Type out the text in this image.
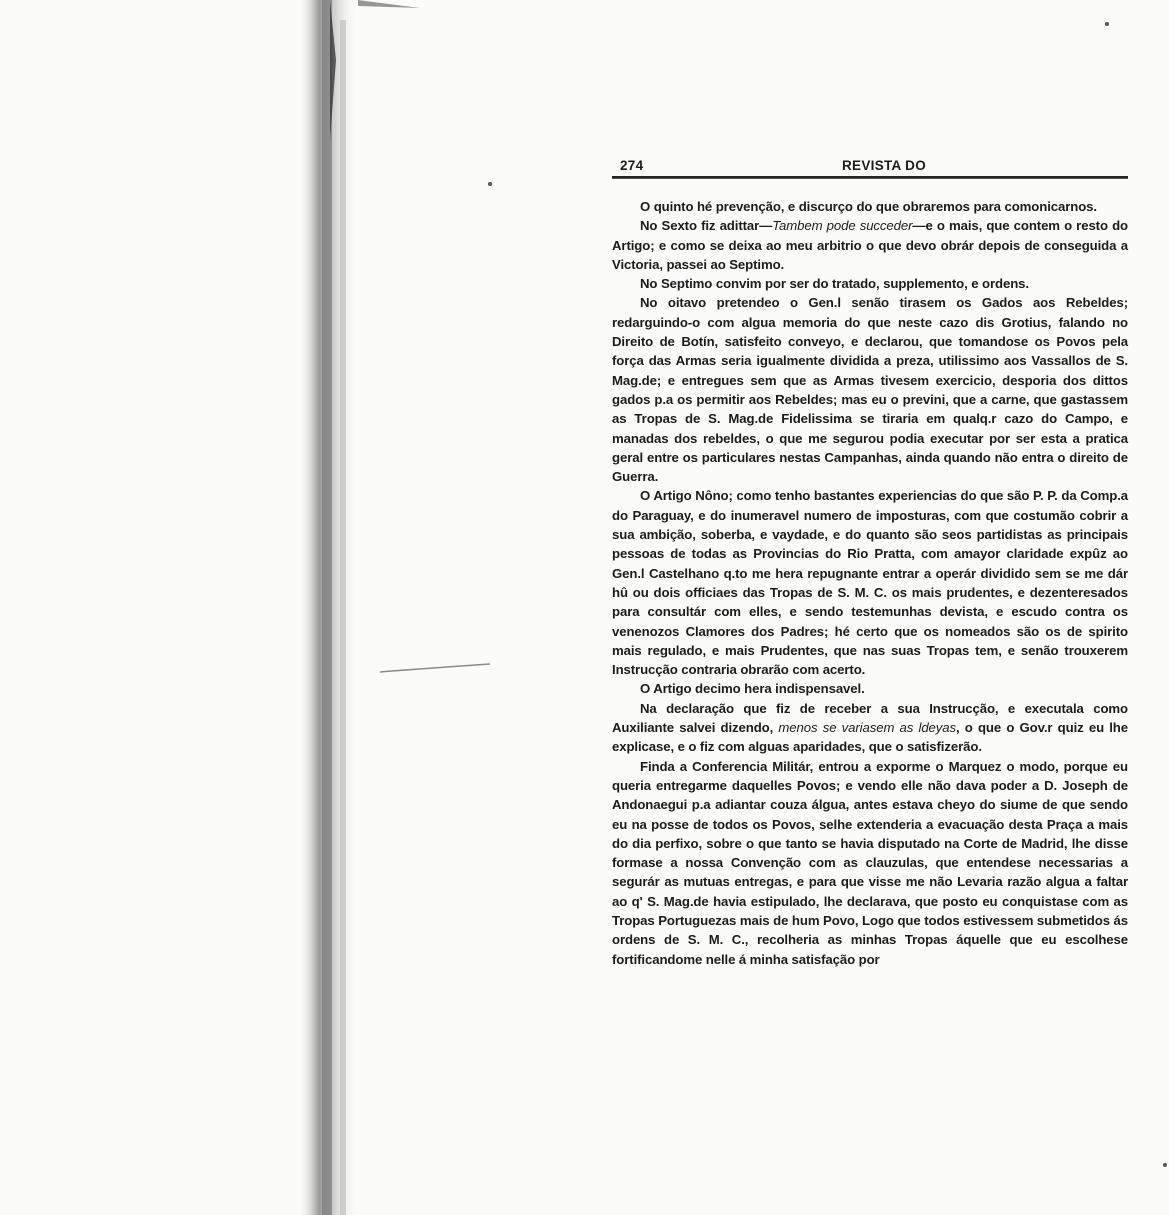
274	REVISTA DO

O quinto hé prevenção, e discurço do que obraremos para comonicarnos.

No Sexto fiz adittar—Tambem pode succeder—e o mais, que contem o resto do Artigo; e como se deixa ao meu arbitrio o que devo obrár depois de conseguida a Victoria, passei ao Septimo.

No Septimo convim por ser do tratado, supplemento, e ordens.

No oitavo pretendeo o Gen.l senão tirasem os Gados aos Rebeldes; redarguindo-o com algua memoria do que neste cazo dis Grotius, falando no Direito de Botín, satisfeito conveyo, e declarou, que tomandose os Povos pela força das Armas seria igualmente dividida a preza, utilissimo aos Vassallos de S. Mag.de; e entregues sem que as Armas tivesem exercicio, desporia dos dittos gados p.a os permitir aos Rebeldes; mas eu o previni, que a carne, que gastassem as Tropas de S. Mag.de Fidelissima se tiraria em qualq.r cazo do Campo, e manadas dos rebeldes, o que me segurou podia executar por ser esta a pratica geral entre os particulares nestas Campanhas, ainda quando não entra o direito de Guerra.

O Artigo Nôno; como tenho bastantes experiencias do que são P. P. da Comp.a do Paraguay, e do inumeravel numero de imposturas, com que costumão cobrir a sua ambição, soberba, e vaydade, e do quanto são seos partidistas as principais pessoas de todas as Provincias do Rio Pratta, com amayor claridade expûz ao Gen.l Castelhano q.to me hera repugnante entrar a operár dividido sem se me dár hû ou dois officiaes das Tropas de S. M. C. os mais prudentes, e dezenteresados para consultár com elles, e sendo testemunhas devista, e escudo contra os venenozos Clamores dos Padres; hé certo que os nomeados são os de spirito mais regulado, e mais Prudentes, que nas suas Tropas tem, e senão trouxerem Instrucção contraria obrarão com acerto.

O Artigo decimo hera indispensavel.

Na declaração que fiz de receber a sua Instrucção, e executala como Auxiliante salvei dizendo, menos se variasem as ldeyas, o que o Gov.r quiz eu lhe explicase, e o fiz com alguas aparidades, que o satisfizerão.

Finda a Conferencia Militár, entrou a exporme o Marquez o modo, porque eu queria entregarme daquelles Povos; e vendo elle não dava poder a D. Joseph de Andonaegui p.a adiantar couza álgua, antes estava cheyo do siume de que sendo eu na posse de todos os Povos, selhe extenderia a evacuação desta Praça a mais do dia perfixo, sobre o que tanto se havia disputado na Corte de Madrid, lhe disse formase a nossa Convenção com as clauzulas, que entendese necessarias a segurár as mutuas entregas, e para que visse me não Levaria razão algua a faltar ao q' S. Mag.de havia estipulado, lhe declarava, que posto eu conquistase com as Tropas Portuguezas mais de hum Povo, Logo que todos estivessem submetidos ás ordens de S. M. C., recolheria as minhas Tropas áquelle que eu escolhese fortificandome nelle á minha satisfação por
